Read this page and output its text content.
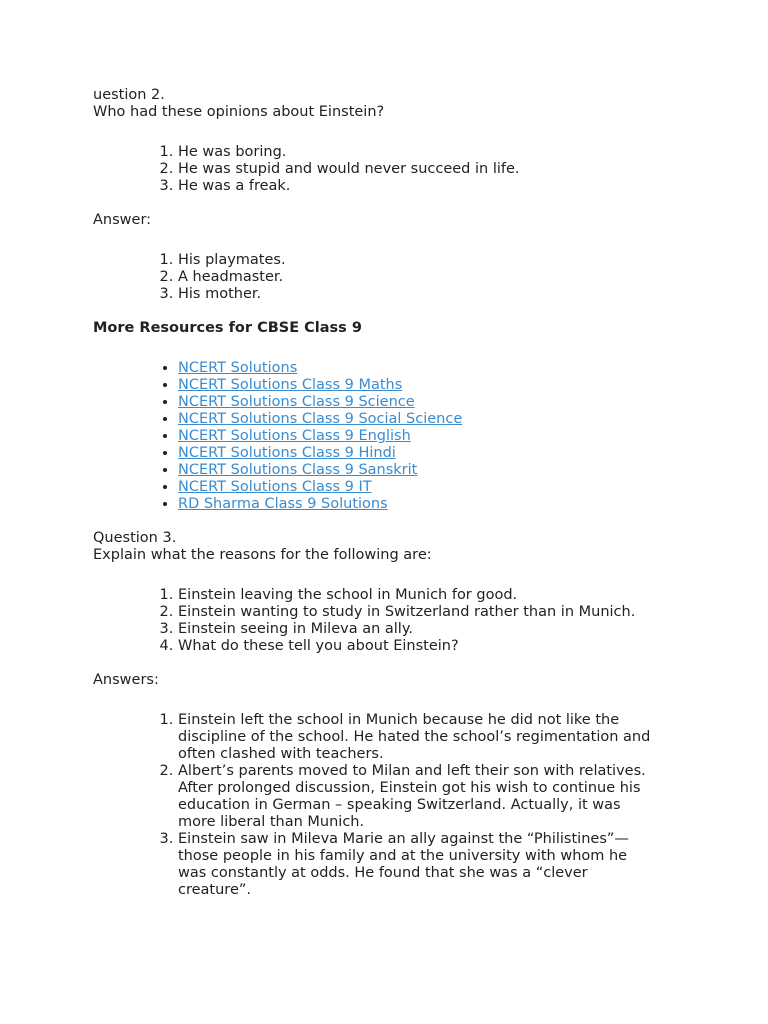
uestion 2.

Who had these opinions about Einstein?

1. He was boring.
2. He was stupid and would never succeed in life.
3. He was a freak.

Answer:

1. His playmates.
2. A headmaster.
3. His mother.

More Resources for CBSE Class 9

• NCERT Solutions
• NCERT Solutions Class 9 Maths
• NCERT Solutions Class 9 Science
• NCERT Solutions Class 9 Social Science
• NCERT Solutions Class 9 English
• NCERT Solutions Class 9 Hindi
• NCERT Solutions Class 9 Sanskrit
• NCERT Solutions Class 9 IT
• RD Sharma Class 9 Solutions

Question 3.

Explain what the reasons for the following are:

1. Einstein leaving the school in Munich for good.
2. Einstein wanting to study in Switzerland rather than in Munich.
3. Einstein seeing in Mileva an ally.
4. What do these tell you about Einstein?

Answers:

1. Einstein left the school in Munich because he did not like the discipline of the school. He hated the school’s regimentation and often clashed with teachers.
2. Albert’s parents moved to Milan and left their son with relatives. After prolonged discussion, Einstein got his wish to continue his education in German – speaking Switzerland. Actually, it was more liberal than Munich.
3. Einstein saw in Mileva Marie an ally against the “Philistines”— those people in his family and at the university with whom he was constantly at odds. He found that she was a “clever creature”.
